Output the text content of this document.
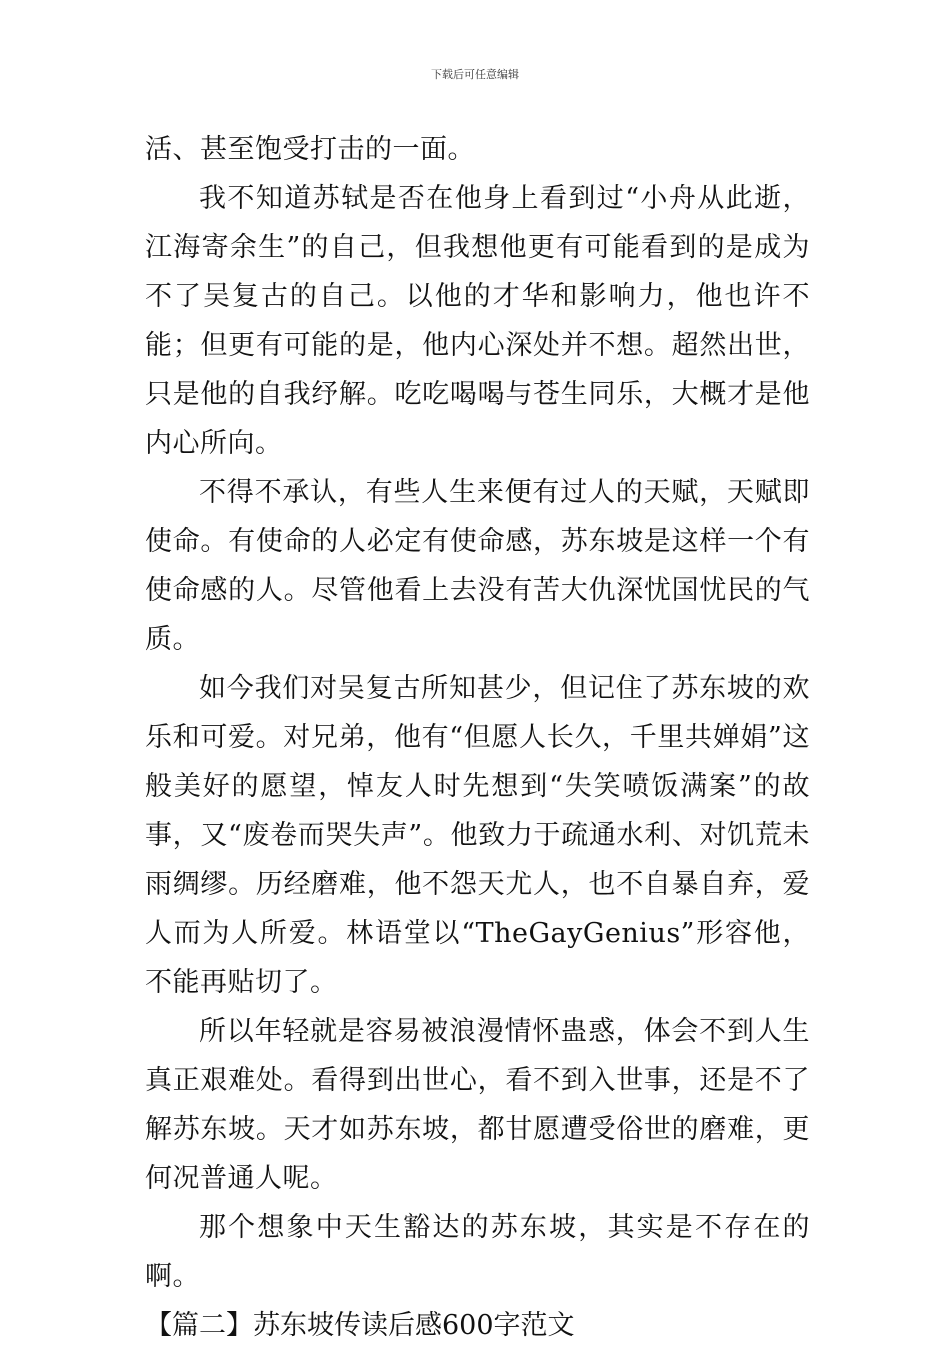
下载后可任意编辑

活、甚至饱受打击的一面。

我不知道苏轼是否在他身上看到过“小舟从此逝，江海寄余生”的自己，但我想他更有可能看到的是成为不了吴复古的自己。以他的才华和影响力，他也许不能；但更有可能的是，他内心深处并不想。超然出世，只是他的自我纾解。吃吃喝喝与苍生同乐，大概才是他内心所向。

不得不承认，有些人生来便有过人的天赋，天赋即使命。有使命的人必定有使命感，苏东坡是这样一个有使命感的人。尽管他看上去没有苦大仇深忧国忧民的气质。

如今我们对吴复古所知甚少，但记住了苏东坡的欢乐和可爱。对兄弟，他有“但愿人长久，千里共婵娟”这般美好的愿望，悼友人时先想到“失笑喷饭满案”的故事，又“废卷而哭失声”。他致力于疏通水利、对饥荒未雨绸缪。历经磨难，他不怨天尤人，也不自暴自弃，爱人而为人所爱。林语堂以“TheGayGenius”形容他，不能再贴切了。

所以年轻就是容易被浪漫情怀蛊惑，体会不到人生真正艰难处。看得到出世心，看不到入世事，还是不了解苏东坡。天才如苏东坡，都甘愿遭受俗世的磨难，更何况普通人呢。

那个想象中天生豁达的苏东坡，其实是不存在的啊。

【篇二】苏东坡传读后感600字范文
